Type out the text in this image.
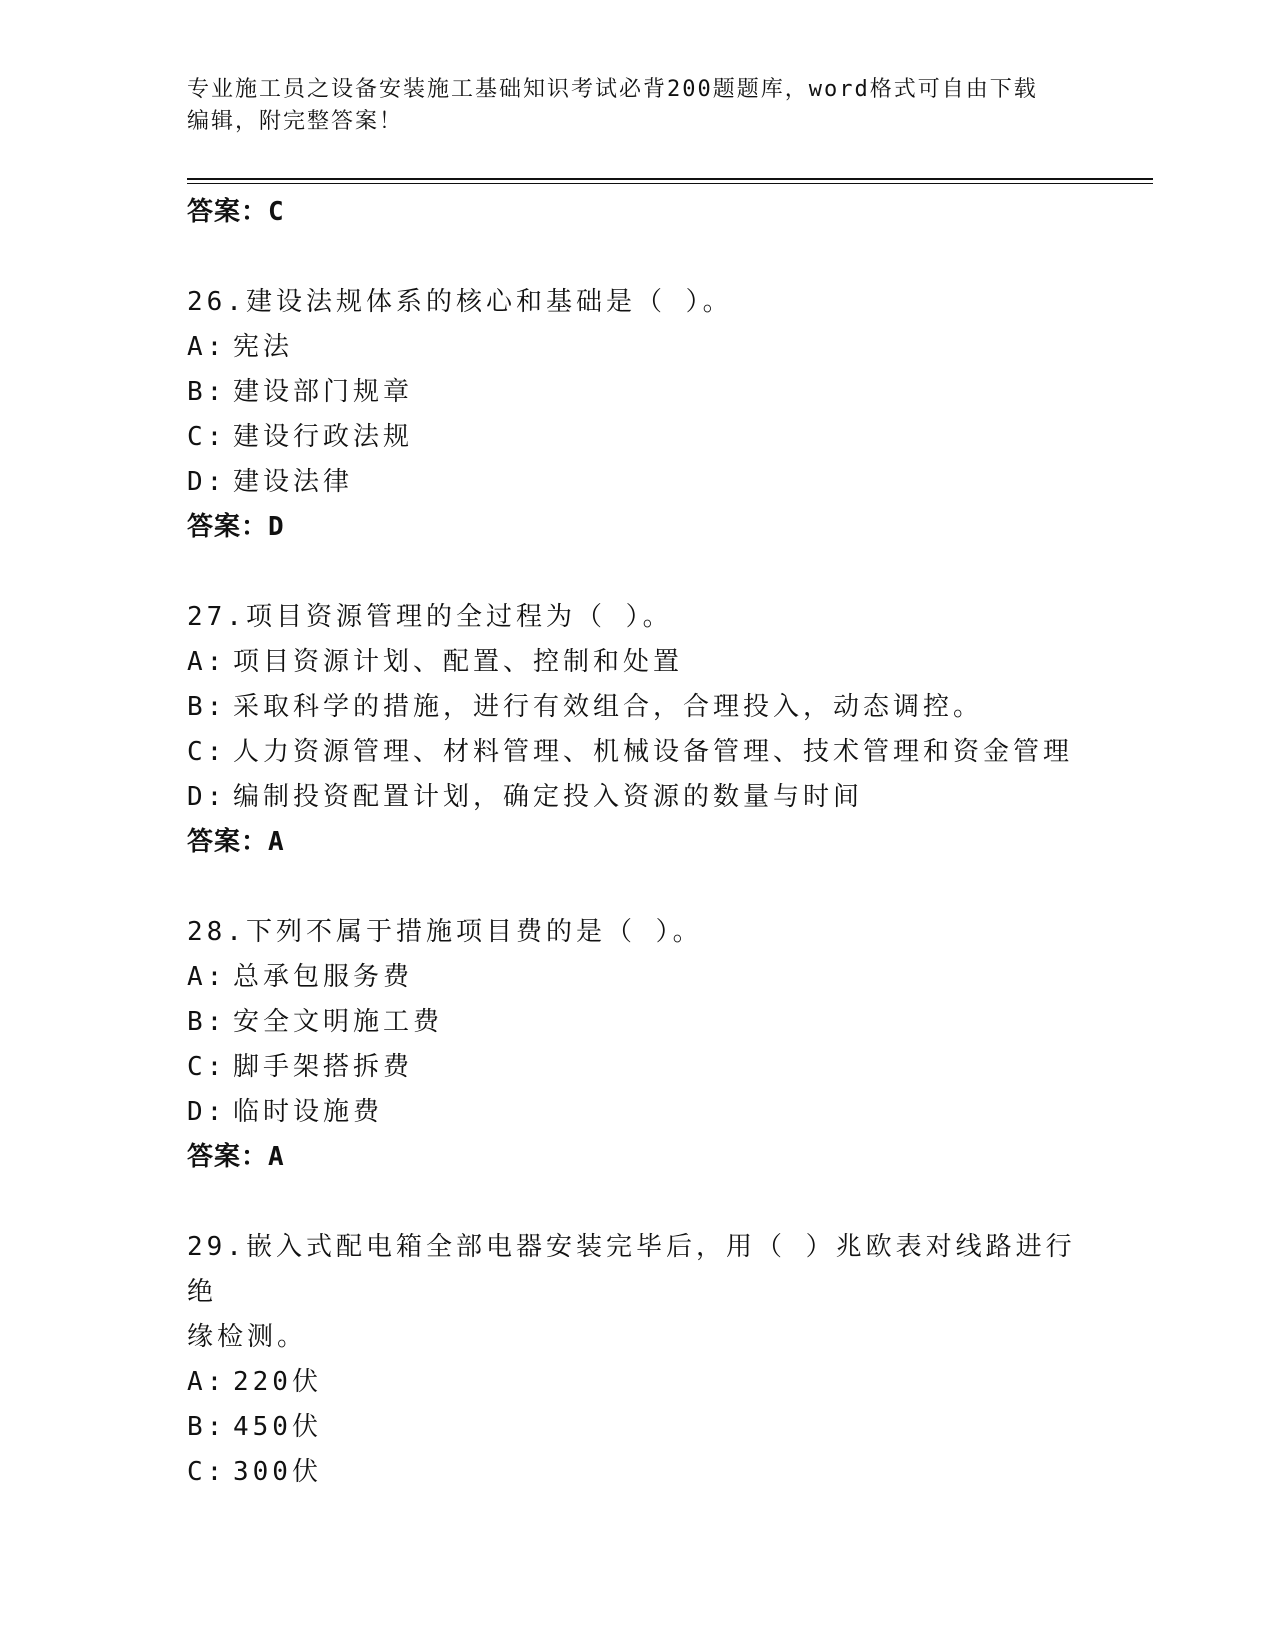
专业施工员之设备安装施工基础知识考试必背200题题库，word格式可自由下载
编辑，附完整答案！
答案：C
26.建设法规体系的核心和基础是（ ）。
A: 宪法
B: 建设部门规章
C: 建设行政法规
D: 建设法律
答案：D
27.项目资源管理的全过程为（ ）。
A: 项目资源计划、配置、控制和处置
B: 采取科学的措施，进行有效组合，合理投入，动态调控。
C: 人力资源管理、材料管理、机械设备管理、技术管理和资金管理
D: 编制投资配置计划，确定投入资源的数量与时间
答案：A
28.下列不属于措施项目费的是（ ）。
A: 总承包服务费
B: 安全文明施工费
C: 脚手架搭拆费
D: 临时设施费
答案：A
29.嵌入式配电箱全部电器安装完毕后，用（ ）兆欧表对线路进行绝
缘检测。
A: 220伏
B: 450伏
C: 300伏
